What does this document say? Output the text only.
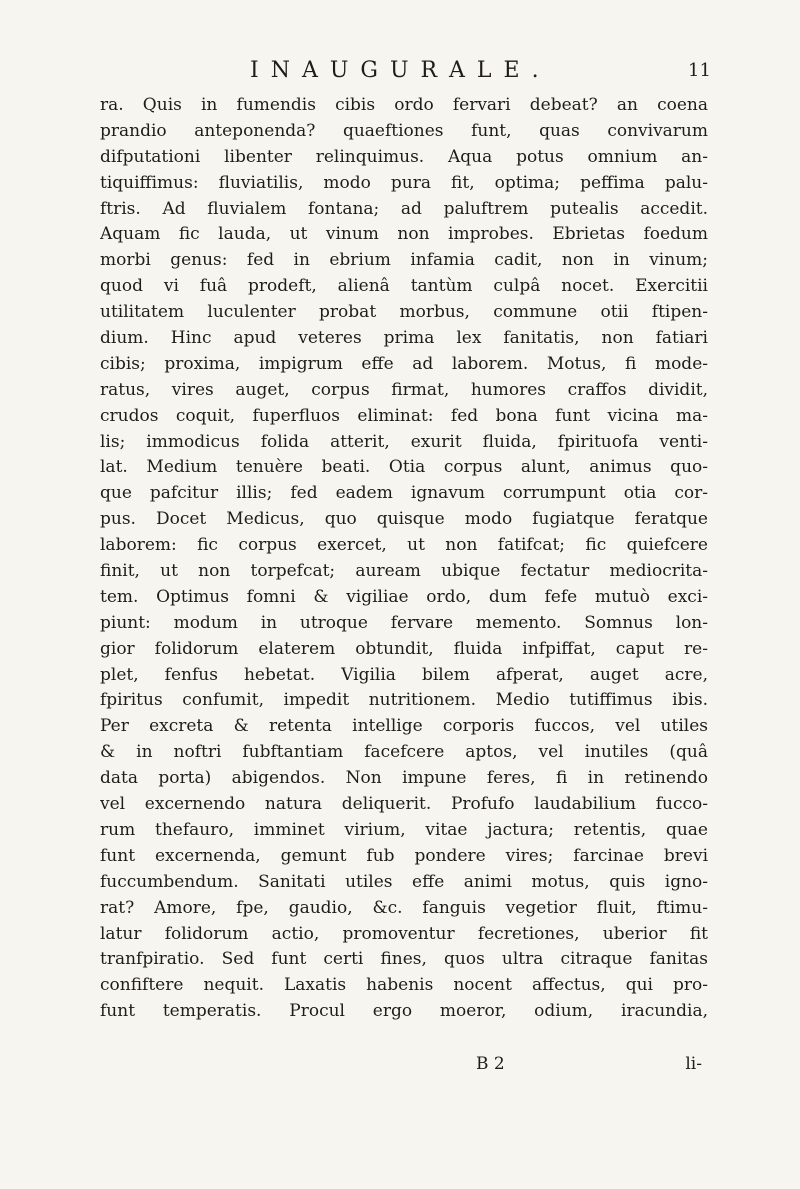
INAUGURALE.	11
ra. Quis in fumendis cibis ordo fervari debeat? an coena
prandio anteponenda? quaeftiones funt, quas convivarum
difputationi libenter relinquimus. Aqua potus omnium an-
tiquiffimus: fluviatilis, modo pura fit, optima; peffima palu-
ftris. Ad fluvialem fontana; ad paluftrem putealis accedit.
Aquam fic lauda, ut vinum non improbes. Ebrietas foedum
morbi genus: fed in ebrium infamia cadit, non in vinum;
quod vi fuâ prodeft, alienâ tantùm culpâ nocet. Exercitii
utilitatem luculenter probat morbus, commune otii ftipen-
dium. Hinc apud veteres prima lex fanitatis, non fatiari
cibis; proxima, impigrum effe ad laborem. Motus, fi mode-
ratus, vires auget, corpus firmat, humores craffos dividit,
crudos coquit, fuperfluos eliminat: fed bona funt vicina ma-
lis; immodicus folida atterit, exurit fluida, fpirituofa venti-
lat. Medium tenuère beati. Otia corpus alunt, animus quo-
que pafcitur illis; fed eadem ignavum corrumpunt otia cor-
pus. Docet Medicus, quo quisque modo fugiatque feratque
laborem: fic corpus exercet, ut non fatifcat; fic quiefcere
finit, ut non torpefcat; auream ubique fectatur mediocrita-
tem. Optimus fomni & vigiliae ordo, dum fefe mutuò exci-
piunt: modum in utroque fervare memento. Somnus lon-
gior folidorum elaterem obtundit, fluida infpiffat, caput re-
plet, fenfus hebetat. Vigilia bilem afperat, auget acre,
fpiritus confumit, impedit nutritionem. Medio tutiffimus ibis.
Per excreta & retenta intellige corporis fuccos, vel utiles
& in noftri fubftantiam facefcere aptos, vel inutiles (quâ
data porta) abigendos. Non impune feres, fi in retinendo
vel excernendo natura deliquerit. Profufo laudabilium fucco-
rum thefauro, imminet virium, vitae jactura; retentis, quae
funt excernenda, gemunt fub pondere vires; farcinae brevi
fuccumbendum. Sanitati utiles effe animi motus, quis igno-
rat? Amore, fpe, gaudio, &c. fanguis vegetior fluit, ftimu-
latur folidorum actio, promoventur fecretiones, uberior fit
tranfpiratio. Sed funt certi fines, quos ultra citraque fanitas
confiftere nequit. Laxatis habenis nocent affectus, qui pro-
funt temperatis. Procul ergo moeror, odium, iracundia,
B 2	li-
